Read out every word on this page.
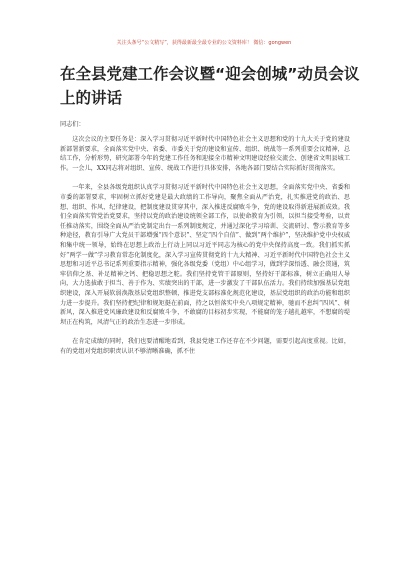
关注头条号“公文精写”，获得最新最全最专业的公文资料库！ 微信：gongwen
在全县党建工作会议暨“迎会创城”动员会议上的讲话

同志们：

这次会议的主要任务是：深入学习贯彻习近平新时代中国特色社会主义思想和党的十九大关于党的建设新部署新要求，全面落实党中央、省委、市委关于党的建设和宣传、组织、统战等一系列重要会议精神，总结工作，分析形势，研究部署今年的党建工作任务和迎接全市精神文明建设经验交流会、创建省文明县城工作。一会儿，XX同志将对组织、宣传、统战工作进行具体安排，各地各部门要结合实际抓好贯彻落实。

一年来，全县各级党组织认真学习贯彻习近平新时代中国特色社会主义思想，全面落实党中央、省委和市委的部署要求，牢固树立抓好党建是最大政绩的工作导向，聚焦全面从严治党，扎实推进党的政治、思想、组织、作风、纪律建设，把制度建设贯穿其中，深入推进反腐败斗争，党的建设取得新进展新成效。我们全面落实管党治党要求，坚持以党的政治建设统领全部工作，以使命教育为引领，以担当接受考验，以责任推动落实，围绕全面从严治党制定出台一系列制度规定，并通过深化学习培训、交流研讨、警示教育等多种途径，教育引导广大党员干部增强“四个意识”、坚定“四个自信”、做到“两个维护”，坚决维护党中央权威和集中统一领导，始终在思想上政治上行动上同以习近平同志为核心的党中央保持高度一致。我们抓实抓好“两学一做”学习教育常态化制度化，深入学习宣传贯彻党的十九大精神、习近平新时代中国特色社会主义思想和习近平总书记系列重要指示精神，强化各级党委（党组）中心组学习，做到学深悟透、融会贯通，筑牢信仰之基、补足精神之钙、把稳思想之舵。我们坚持党管干部原则，坚持好干部标准，树立正确用人导向，大力选拔敢于担当、善于作为、实绩突出的干部，进一步激发了干部队伍活力。我们持续加强基层党组织建设，深入开展软弱涣散基层党组织整顿，推进党支部标准化规范化建设，基层党组织的政治功能和组织力进一步提升。我们坚持把纪律和规矩挺在前面，持之以恒落实中央八项规定精神，驰而不息纠“四风”、树新风，深入推进党风廉政建设和反腐败斗争，不敢腐的目标初步实现，不能腐的笼子越扎越牢，不想腐的堤坝正在构筑，风清气正的政治生态进一步形成。

在肯定成绩的同时，我们也要清醒地看到，我县党建工作还存在不少问题，需要引起高度重视。比如，有的党组对党组织职责认识不够清晰准确，抓不住
